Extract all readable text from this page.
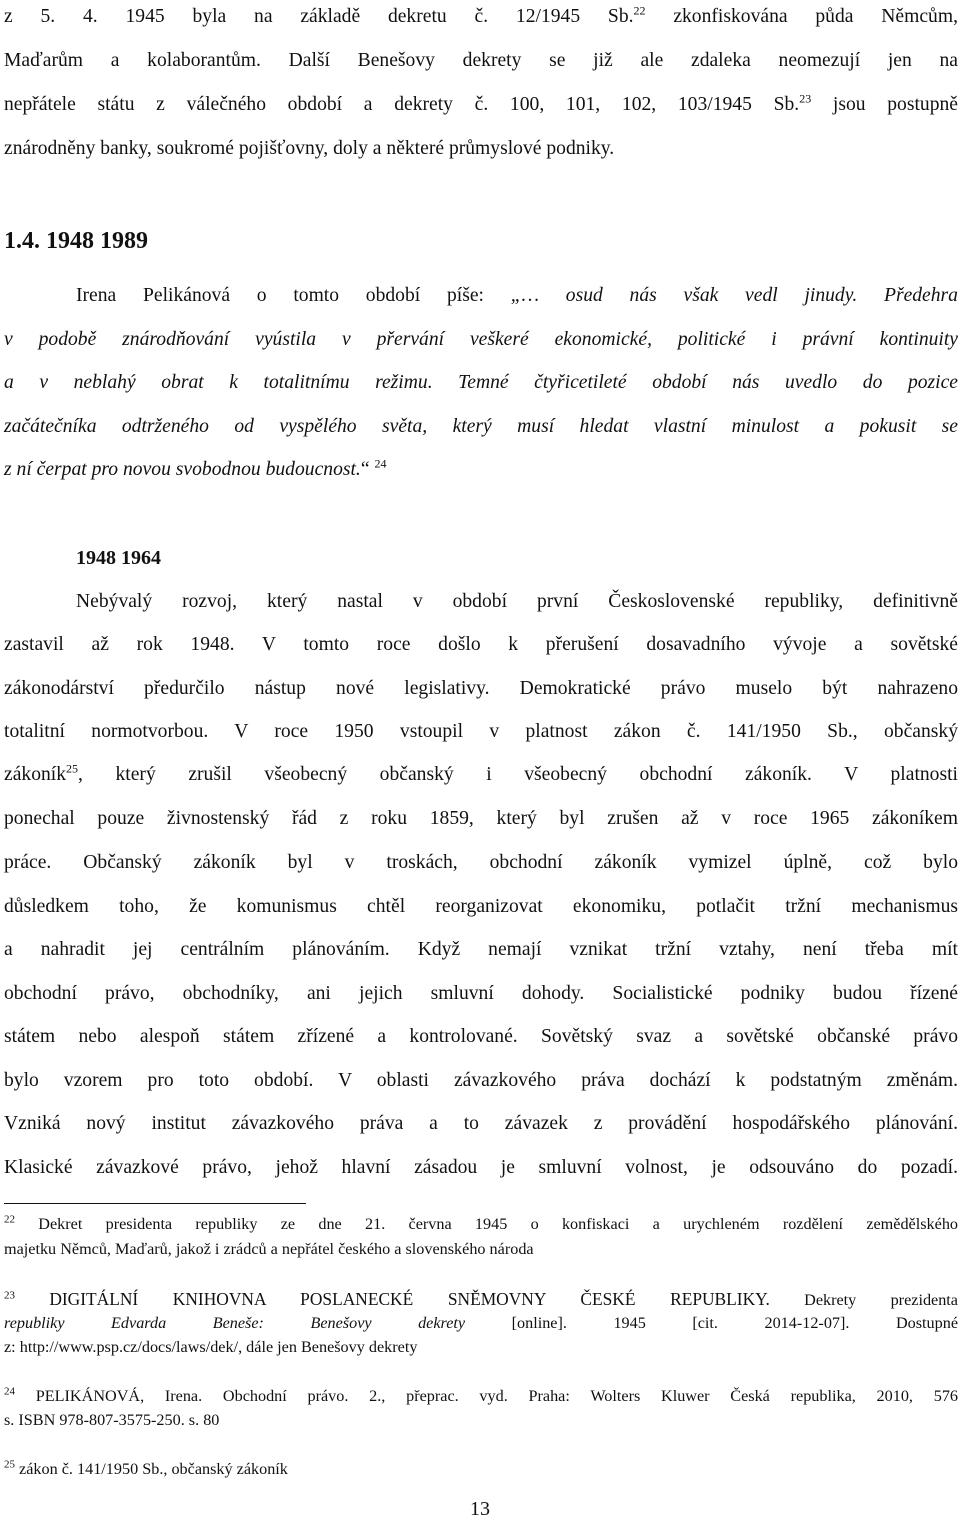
z 5. 4. 1945 byla na základě dekretu č. 12/1945 Sb.$^{22}$ zkonfiskována půda Němcům,
Maďarům a kolaborantům. Další Benešovy dekrety se již ale zdaleka neomezují jen na
nepřátele státu z válečného období a dekrety č. 100, 101, 102, 103/1945 Sb.$^{23}$ jsou postupně
znárodněny banky, soukromé pojišťovny, doly a některé průmyslové podniky.
1.4. 1948 1989
Irena Pelikánová o tomto období píše: „… osud nás však vedl jinudy. Předehra
v podobě znárodňování vyústila v přervání veškeré ekonomické, politické i právní kontinuity
a v neblahý obrat k totalitnímu režimu. Temné čtyřicetileté období nás uvedlo do pozice
začátečníka odtrženého od vyspělého světa, který musí hledat vlastní minulost a pokusit se
z ní čerpat pro novou svobodnou budoucnost.“ $^{24}$
1948 1964
Nebývalý rozvoj, který nastal v období první Československé republiky, definitivně
zastavil až rok 1948. V tomto roce došlo k přerušení dosavadního vývoje a sovětské
zákonodárství předurčilo nástup nové legislativy. Demokratické právo muselo být nahrazeno
totalitní normotvorbou. V roce 1950 vstoupil v platnost zákon č. 141/1950 Sb., občanský
zákoník$^{25}$, který zrušil všeobecný občanský i všeobecný obchodní zákoník. V platnosti
ponechal pouze živnostenský řád z roku 1859, který byl zrušen až v roce 1965 zákoníkem
práce. Občanský zákoník byl v troskách, obchodní zákoník vymizel úplně, což bylo
důsledkem toho, že komunismus chtěl reorganizovat ekonomiku, potlačit tržní mechanismus
a nahradit jej centrálním plánováním. Když nemají vznikat tržní vztahy, není třeba mít
obchodní právo, obchodníky, ani jejich smluvní dohody. Socialistické podniky budou řízené
státem nebo alespoň státem zřízené a kontrolované. Sovětský svaz a sovětské občanské právo
bylo vzorem pro toto období. V oblasti závazkového práva dochází k podstatným změnám.
Vzniká nový institut závazkového práva a to závazek z provádění hospodářského plánování.
Klasické závazkové právo, jehož hlavní zásadou je smluvní volnost, je odsouváno do pozadí.
$^{22}$ Dekret presidenta republiky ze dne 21. června 1945 o konfiskaci a urychleném rozdělení zemědělského
majetku Němců, Maďarů, jakož i zrádců a nepřátel českého a slovenského národa
$^{23}$ DIGITÁLNÍ KNIHOVNA POSLANECKÉ SNĚMOVNY ČESKÉ REPUBLIKY. Dekrety prezidenta
republiky Edvarda Beneše: Benešovy dekrety [online]. 1945 [cit. 2014-12-07]. Dostupné
z: http://www.psp.cz/docs/laws/dek/, dále jen Benešovy dekrety
$^{24}$ PELIKÁNOVÁ, Irena. Obchodní právo. 2., přeprac. vyd. Praha: Wolters Kluwer Česká republika, 2010, 576
s. ISBN 978-807-3575-250. s. 80
$^{25}$ zákon č. 141/1950 Sb., občanský zákoník
13
